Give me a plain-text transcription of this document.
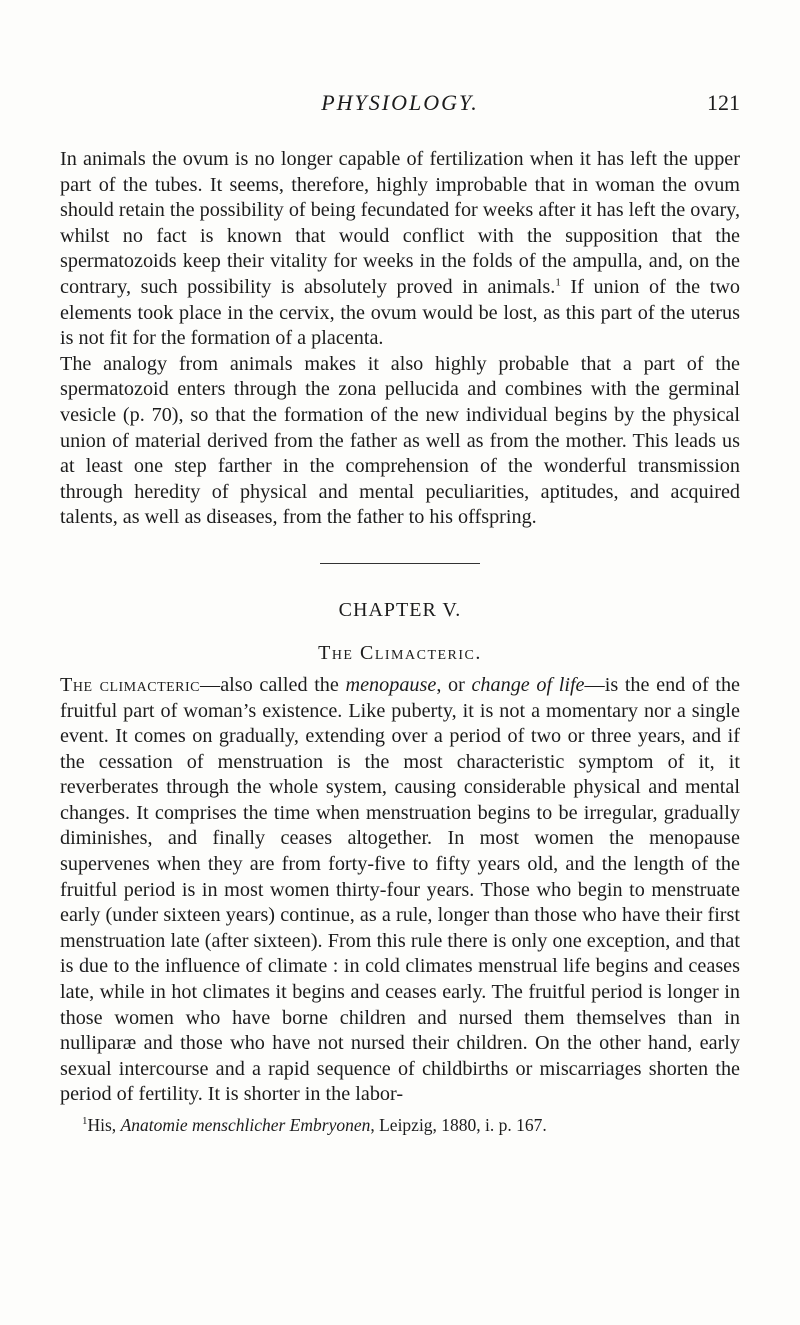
PHYSIOLOGY.	121

In animals the ovum is no longer capable of fertilization when it has left the upper part of the tubes. It seems, therefore, highly improbable that in woman the ovum should retain the possibility of being fecundated for weeks after it has left the ovary, whilst no fact is known that would conflict with the supposition that the spermatozoids keep their vitality for weeks in the folds of the ampulla, and, on the contrary, such possibility is absolutely proved in animals.$^1$ If union of the two elements took place in the cervix, the ovum would be lost, as this part of the uterus is not fit for the formation of a placenta.

The analogy from animals makes it also highly probable that a part of the spermatozoid enters through the zona pellucida and combines with the germinal vesicle (p. 70), so that the formation of the new individual begins by the physical union of material derived from the father as well as from the mother. This leads us at least one step farther in the comprehension of the wonderful transmission through heredity of physical and mental peculiarities, aptitudes, and acquired talents, as well as diseases, from the father to his offspring.

CHAPTER V.
The Climacteric.

The climacteric—also called the menopause, or change of life—is the end of the fruitful part of woman’s existence. Like puberty, it is not a momentary nor a single event. It comes on gradually, extending over a period of two or three years, and if the cessation of menstruation is the most characteristic symptom of it, it reverberates through the whole system, causing considerable physical and mental changes. It comprises the time when menstruation begins to be irregular, gradually diminishes, and finally ceases altogether. In most women the menopause supervenes when they are from forty-five to fifty years old, and the length of the fruitful period is in most women thirty-four years. Those who begin to menstruate early (under sixteen years) continue, as a rule, longer than those who have their first menstruation late (after sixteen). From this rule there is only one exception, and that is due to the influence of climate : in cold climates menstrual life begins and ceases late, while in hot climates it begins and ceases early. The fruitful period is longer in those women who have borne children and nursed them themselves than in nulliparæ and those who have not nursed their children. On the other hand, early sexual intercourse and a rapid sequence of childbirths or miscarriages shorten the period of fertility. It is shorter in the labor-

$^1$His, Anatomie menschlicher Embryonen, Leipzig, 1880, i. p. 167.
